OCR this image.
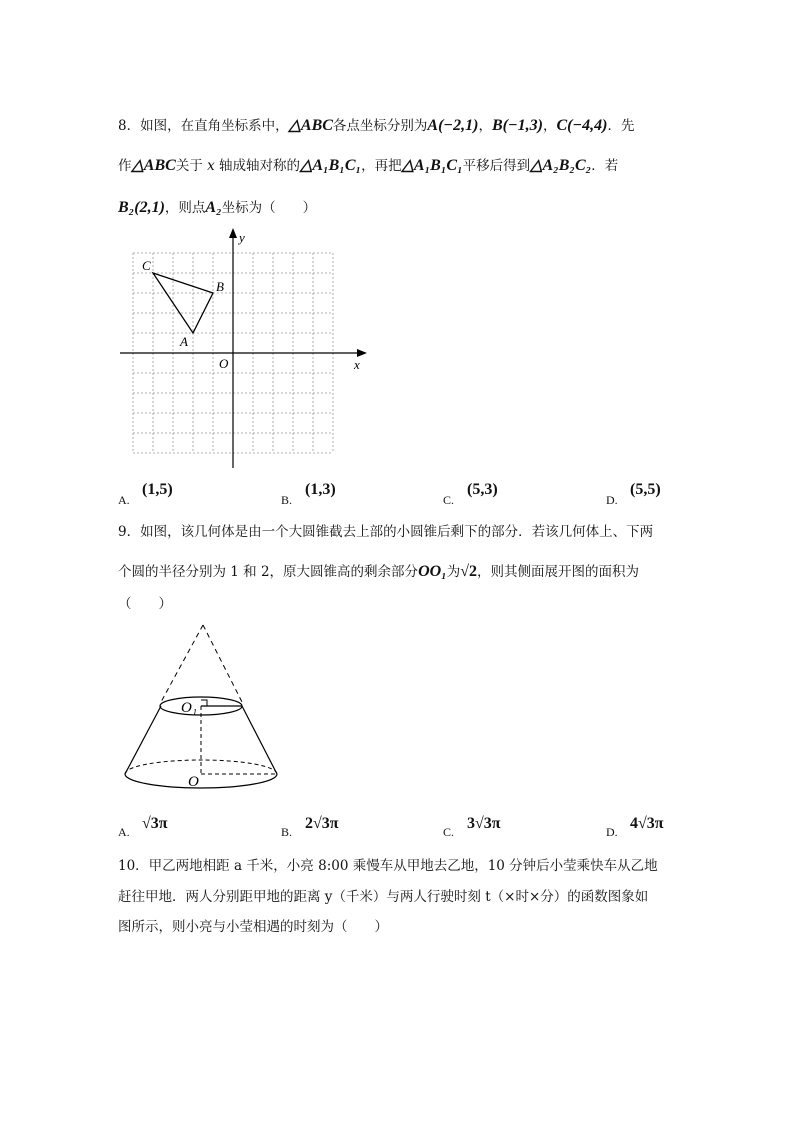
8．如图，在直角坐标系中，△ABC各点坐标分别为A(−2,1)，B(−1,3)，C(−4,4)．先
作△ABC关于 x 轴成轴对称的△A₁B₁C₁，再把△A₁B₁C₁平移后得到△A₂B₂C₂．若
B₂(2,1)，则点A₂坐标为（　　）
C
B
A
O	x
y
A.
(1,5)
B.
(1,3)
C.
(5,3)
D.
(5,5)
9．如图，该几何体是由一个大圆锥截去上部的小圆锥后剩下的部分．若该几何体上、下两
个圆的半径分别为 1 和 2，原大圆锥高的剩余部分OO₁为√2，则其侧面展开图的面积为
（　　）
O₁
O
A. √3π	B. 2√3π	C. 3√3π	D. 4√3π
10．甲乙两地相距 a 千米，小亮 8:00 乘慢车从甲地去乙地，10 分钟后小莹乘快车从乙地
赶往甲地．两人分别距甲地的距离 y（千米）与两人行驶时刻 t（×时×分）的函数图象如
图所示，则小亮与小莹相遇的时刻为（　　）
